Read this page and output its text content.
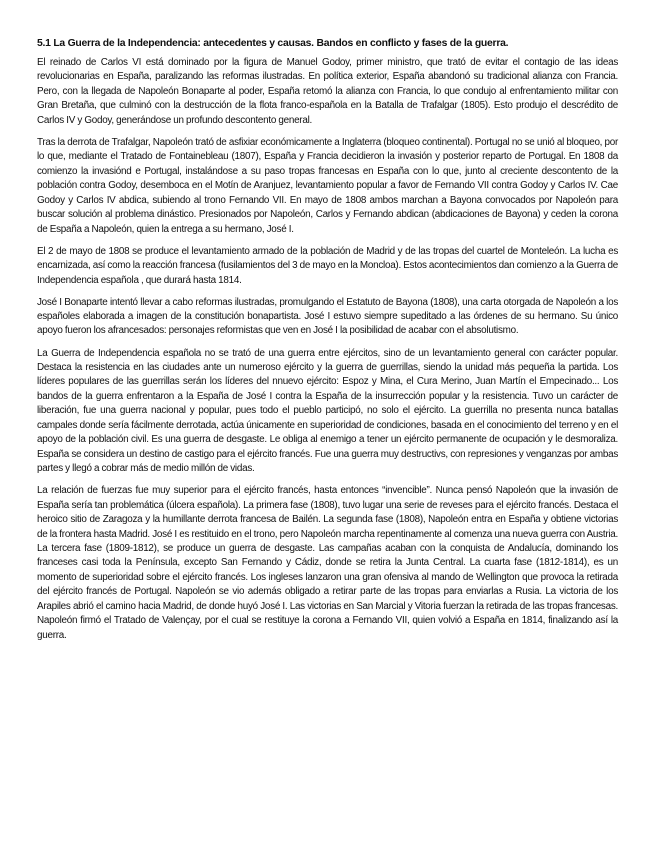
5.1 La Guerra de la Independencia: antecedentes y causas. Bandos en conflicto y fases de la guerra.

El reinado de Carlos VI está dominado por la figura de Manuel Godoy, primer ministro, que trató de evitar el contagio de las ideas revolucionarias en España, paralizando las reformas ilustradas. En política exterior, España abandonó su tradicional alianza con Francia. Pero, con la llegada de Napoleón Bonaparte al poder, España retomó la alianza con Francia, lo que condujo al enfrentamiento militar con Gran Bretaña, que culminó con la destrucción de la flota franco-española en la Batalla de Trafalgar (1805). Esto produjo el descrédito de Carlos IV y Godoy, generándose un profundo descontento general.

Tras la derrota de Trafalgar, Napoleón trató de asfixiar económicamente a Inglaterra (bloqueo continental). Portugal no se unió al bloqueo, por lo que, mediante el Tratado de Fontainebleau (1807), España y Francia decidieron la invasión y posterior reparto de Portugal. En 1808 da comienzo la invasiónd e Portugal, instalándose a su paso tropas francesas en España con lo que, junto al creciente descontento de la población contra Godoy, desemboca en el Motín de Aranjuez, levantamiento popular a favor de Fernando VII contra Godoy y Carlos IV. Cae Godoy y Carlos IV abdica, subiendo al trono Fernando VII. En mayo de 1808 ambos marchan a Bayona convocados por Napoleón para buscar solución al problema dinástico. Presionados por Napoleón, Carlos y Fernando abdican (abdicaciones de Bayona) y ceden la corona de España a Napoleón, quien la entrega a su hermano, José I.

El 2 de mayo de 1808 se produce el levantamiento armado de la población de Madrid y de las tropas del cuartel de Monteleón. La lucha es encarnizada, así como la reacción francesa (fusilamientos del 3 de mayo en la Moncloa). Estos acontecimientos dan comienzo a la Guerra de Independencia española , que durará hasta 1814.

José I Bonaparte intentó llevar a cabo reformas ilustradas, promulgando el Estatuto de Bayona (1808), una carta otorgada de Napoleón a los españoles elaborada a imagen de la constitución bonapartista. José I estuvo siempre supeditado a las órdenes de su hermano. Su único apoyo fueron los afrancesados: personajes reformistas que ven en José I la posibilidad de acabar con el absolutismo.

La Guerra de Independencia española no se trató de una guerra entre ejércitos, sino de un levantamiento general con carácter popular. Destaca la resistencia en las ciudades ante un numeroso ejército y la guerra de guerrillas, siendo la unidad más pequeña la partida. Los líderes populares de las guerrillas serán los líderes del nnuevo ejército: Espoz y Mina, el Cura Merino, Juan Martín el Empecinado... Los bandos de la guerra enfrentaron a la España de José I contra la España de la insurrección popular y la resistencia. Tuvo un carácter de liberación, fue una guerra nacional y popular, pues todo el pueblo participó, no solo el ejército. La guerrilla no presenta nunca batallas campales donde sería fácilmente derrotada, actúa únicamente en superioridad de condiciones, basada en el conocimiento del terreno y en el apoyo de la población civil. Es una guerra de desgaste. Le obliga al enemigo a tener un ejército permanente de ocupación y le desmoraliza. España se considera un destino de castigo para el ejército francés. Fue una guerra muy destructivs, con represiones y venganzas por ambas partes y llegó a cobrar más de medio millón de vidas.

La relación de fuerzas fue muy superior para el ejército francés, hasta entonces “invencible”. Nunca pensó Napoleón que la invasión de España sería tan problemática (úlcera española). La primera fase (1808), tuvo lugar una serie de reveses para el ejército francés. Destaca el heroico sitio de Zaragoza y la humillante derrota francesa de Bailén. La segunda fase (1808), Napoleón entra en España y obtiene victorias de la frontera hasta Madrid. José I es restituido en el trono, pero Napoleón marcha repentinamente al comenza una nueva guerra con Austria. La tercera fase (1809-1812), se produce un guerra de desgaste. Las campañas acaban con la conquista de Andalucía, dominando los franceses casi toda la Península, excepto San Fernando y Cádiz, donde se retira la Junta Central. La cuarta fase (1812-1814), es un momento de superioridad sobre el ejército francés. Los ingleses lanzaron una gran ofensiva al mando de Wellington que provoca la retirada del ejército francés de Portugal. Napoleón se vio además obligado a retirar parte de las tropas para enviarlas a Rusia. La victoria de los Arapiles abrió el camino hacia Madrid, de donde huyó José I. Las victorias en San Marcial y Vitoria fuerzan la retirada de las tropas francesas. Napoleón firmó el Tratado de Valençay, por el cual se restituye la corona a Fernando VII, quien volvió a España en 1814, finalizando así la guerra.
